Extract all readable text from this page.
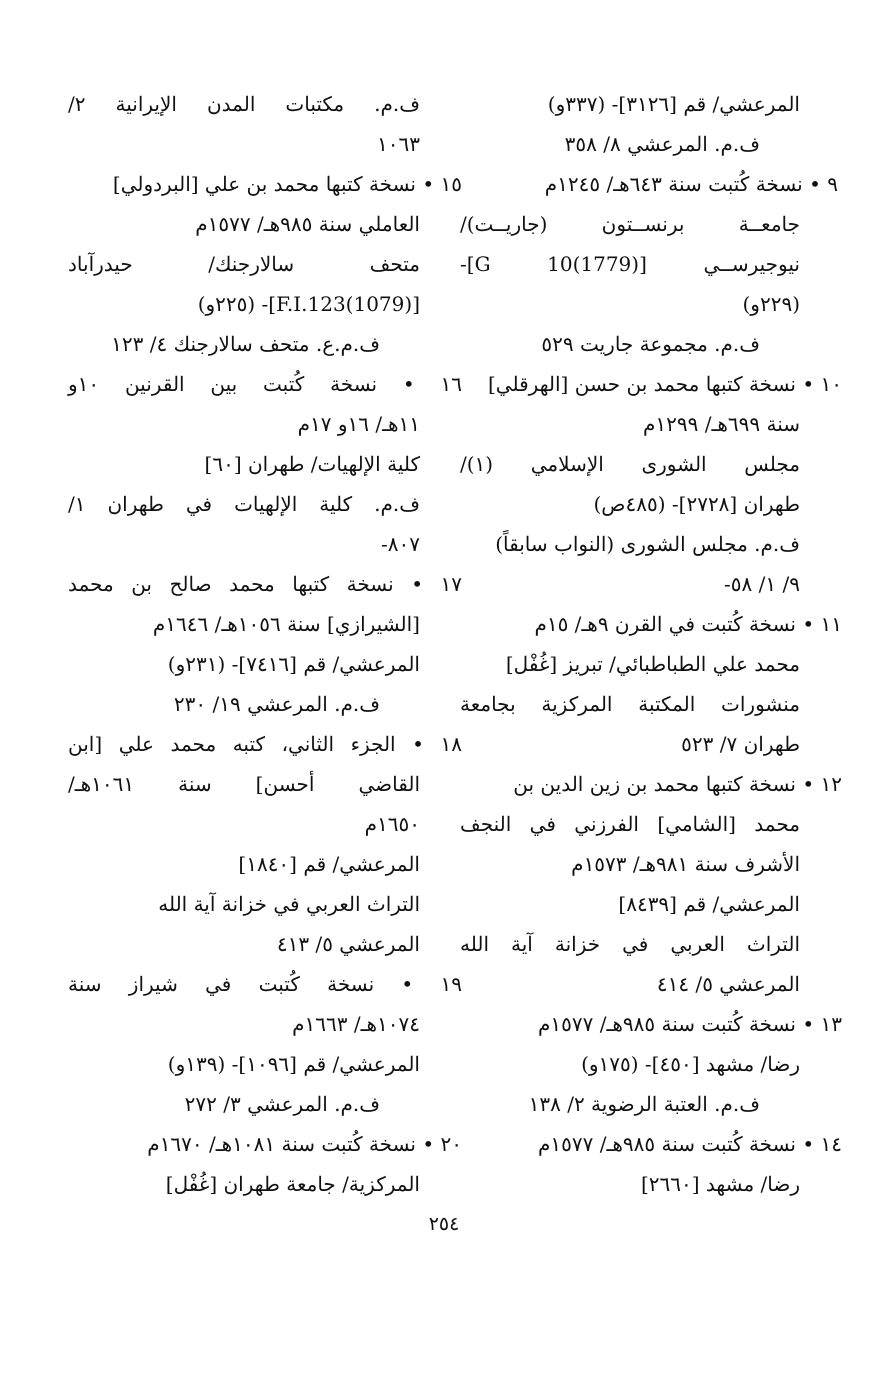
المرعشي/ قم [٣١٢٦]- (٣٣٧و)
ف.م. المرعشي ٨/ ٣٥٨
٩ • نسخة كُتبت سنة ٦٤٣هـ/ ١٢٤٥م
جامعــة برنســتون (جاريــت)/
نيوجيرســي [G 10(1779)]-
(٢٢٩و)
ف.م. مجموعة جاريت ٥٢٩
١٠ • نسخة كتبها محمد بن حسن [الهرقلي]
سنة ٦٩٩هـ/ ١٢٩٩م
مجلس الشورى الإسلامي (١)/
طهران [٢٧٢٨]- (٤٨٥ص)
ف.م. مجلس الشورى (النواب سابقاً)
٩/ ١/ ٥٨-
١١ • نسخة كُتبت في القرن ٩هـ/ ١٥م
محمد علي الطباطبائي/ تبريز [غُفْل]
منشورات المكتبة المركزية بجامعة
طهران ٧/ ٥٢٣
١٢ • نسخة كتبها محمد بن زين الدين بن
محمد [الشامي] الفرزني في النجف
الأشرف سنة ٩٨١هـ/ ١٥٧٣م
المرعشي/ قم [٨٤٣٩]
التراث العربي في خزانة آية الله
المرعشي ٥/ ٤١٤
١٣ • نسخة كُتبت سنة ٩٨٥هـ/ ١٥٧٧م
رضا/ مشهد [٤٥٠]- (١٧٥و)
ف.م. العتبة الرضوية ٢/ ١٣٨
١٤ • نسخة كُتبت سنة ٩٨٥هـ/ ١٥٧٧م
رضا/ مشهد [٢٦٦٠]
ف.م. مكتبات المدن الإيرانية ٢/
١٠٦٣
١٥ • نسخة كتبها محمد بن علي [البردولي]
العاملي سنة ٩٨٥هـ/ ١٥٧٧م
متحف سالارجنك/ حيدرآباد
[F.I.123(1079)]- (٢٢٥و)
ف.م.ع. متحف سالارجنك ٤/ ١٢٣
١٦ • نسخة كُتبت بين القرنين ١٠و
١١هـ/ ١٦و ١٧م
كلية الإلهيات/ طهران [٦٠]
ف.م. كلية الإلهيات في طهران ١/
٨٠٧-
١٧ • نسخة كتبها محمد صالح بن محمد
[الشيرازي] سنة ١٠٥٦هـ/ ١٦٤٦م
المرعشي/ قم [٧٤١٦]- (٢٣١و)
ف.م. المرعشي ١٩/ ٢٣٠
١٨ • الجزء الثاني، كتبه محمد علي [ابن
القاضي أحسن] سنة ١٠٦١هـ/
١٦٥٠م
المرعشي/ قم [١٨٤٠]
التراث العربي في خزانة آية الله
المرعشي ٥/ ٤١٣
١٩ • نسخة كُتبت في شيراز سنة
١٠٧٤هـ/ ١٦٦٣م
المرعشي/ قم [١٠٩٦]- (١٣٩و)
ف.م. المرعشي ٣/ ٢٧٢
٢٠ • نسخة كُتبت سنة ١٠٨١هـ/ ١٦٧٠م
المركزية/ جامعة طهران [غُفْل]
٢٥٤
